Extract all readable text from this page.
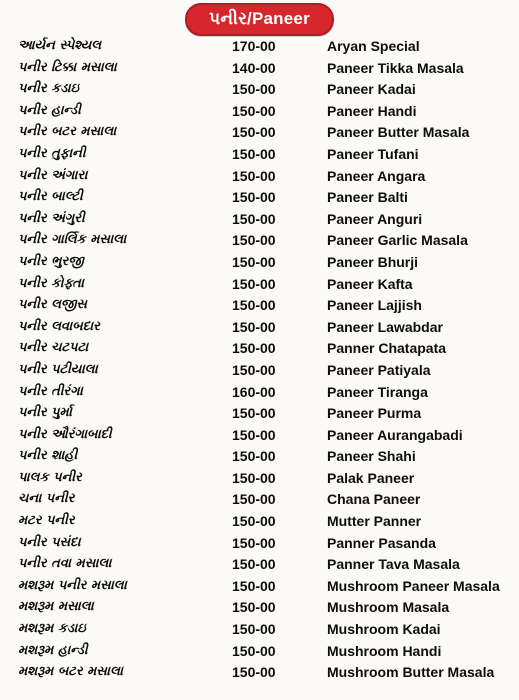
પનીર/Paneer
આર્યન સ્પેશ્યલ	170-00	Aryan Special
પનીર ટિક્કા મસાલા	140-00	Paneer Tikka Masala
પનીર કડાઇ	150-00	Paneer Kadai
પનીર હાન્ડી	150-00	Paneer Handi
પનીર બટર મસાલા	150-00	Paneer Butter Masala
પનીર તુફાની	150-00	Paneer Tufani
પનીર અંગારા	150-00	Paneer Angara
પનીર બાલ્ટી	150-00	Paneer Balti
પનીર અંગુરી	150-00	Paneer Anguri
પનીર ગાર્લિક મસાલા	150-00	Paneer Garlic Masala
પનીર ભુરજી	150-00	Paneer Bhurji
પનીર કોફ્તા	150-00	Paneer Kafta
પનીર લજીસ	150-00	Paneer Lajjish
પનીર લવાબદાર	150-00	Paneer Lawabdar
પનીર ચટપટા	150-00	Panner Chatapata
પનીર પટીયાલા	150-00	Paneer Patiyala
પનીર તીરંગા	160-00	Paneer Tiranga
પનીર પુર્મા	150-00	Paneer Purma
પનીર ઔરંગાબાદી	150-00	Paneer Aurangabadi
પનીર શાહી	150-00	Paneer Shahi
પાલક પનીર	150-00	Palak Paneer
ચના પનીર	150-00	Chana Paneer
મટર પનીર	150-00	Mutter Panner
પનીર પસંદા	150-00	Panner Pasanda
પનીર તવા મસાલા	150-00	Panner Tava Masala
મશરૂમ પનીર મસાલા	150-00	Mushroom Paneer Masala
મશરૂમ મસાલા	150-00	Mushroom Masala
મશરૂમ કડાઇ	150-00	Mushroom Kadai
મશરૂમ હાન્ડી	150-00	Mushroom Handi
મશરૂમ બટર મસાલા	150-00	Mushroom Butter Masala
